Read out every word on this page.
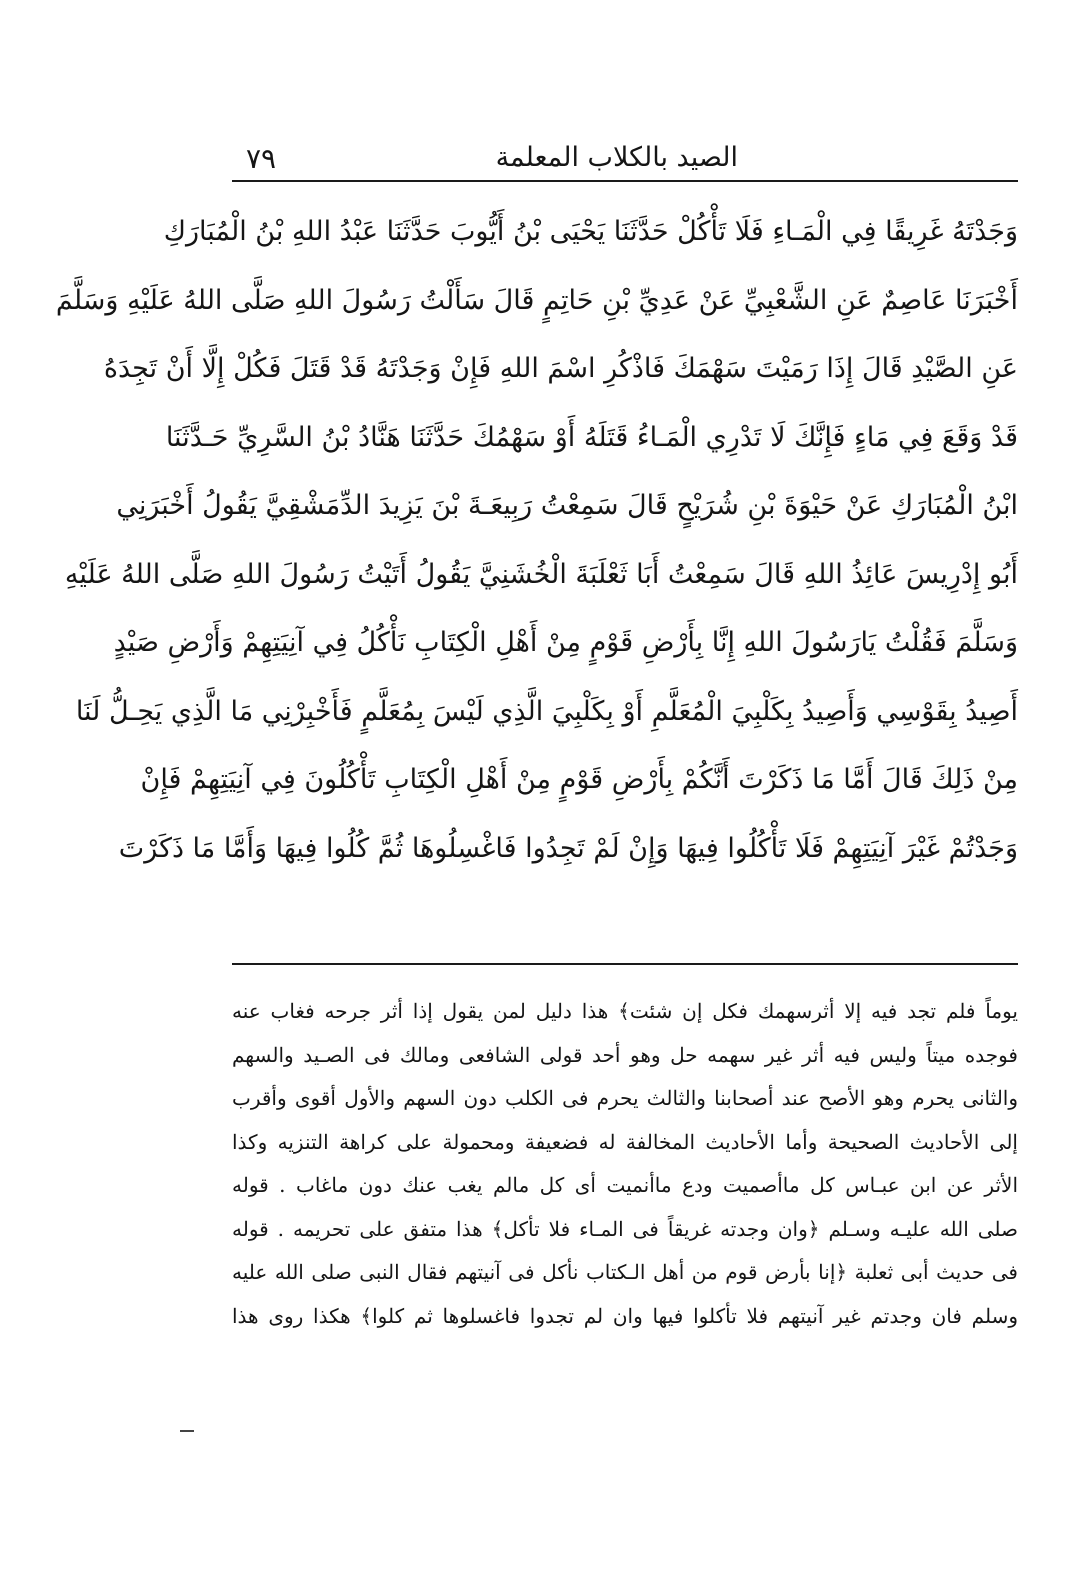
الصيد بالكلاب المعلمة
٧٩
وَجَدْتَهُ غَرِيقًا فِي الْمَـاءِ فَلَا تَأْكُلْ حَدَّثَنَا يَحْيَى بْنُ أَيُّوبَ حَدَّثَنَا عَبْدُ اللهِ بْنُ الْمُبَارَكِ
أَخْبَرَنَا عَاصِمٌ عَنِ الشَّعْبِيِّ عَنْ عَدِيِّ بْنِ حَاتِمٍ قَالَ سَأَلْتُ رَسُولَ اللهِ صَلَّى اللهُ عَلَيْهِ وَسَلَّمَ
عَنِ الصَّيْدِ قَالَ إِذَا رَمَيْتَ سَهْمَكَ فَاذْكُرِ اسْمَ اللهِ فَإِنْ وَجَدْتَهُ قَدْ قَتَلَ فَكُلْ إِلَّا أَنْ تَجِدَهُ
قَدْ وَقَعَ فِي مَاءٍ فَإِنَّكَ لَا تَدْرِي الْمَـاءُ قَتَلَهُ أَوْ سَهْمُكَ حَدَّثَنَا هَنَّادُ بْنُ السَّرِيِّ حَـدَّثَنَا
ابْنُ الْمُبَارَكِ عَنْ حَيْوَةَ بْنِ شُرَيْحٍ قَالَ سَمِعْتُ رَبِيعَـةَ بْنَ يَزِيدَ الدِّمَشْقِيَّ يَقُولُ أَخْبَرَنِي
أَبُو إِدْرِيسَ عَائِذُ اللهِ قَالَ سَمِعْتُ أَبَا ثَعْلَبَةَ الْخُشَنِيَّ يَقُولُ أَتَيْتُ رَسُولَ اللهِ صَلَّى اللهُ عَلَيْهِ
وَسَلَّمَ فَقُلْتُ يَارَسُولَ اللهِ إِنَّا بِأَرْضِ قَوْمٍ مِنْ أَهْلِ الْكِتَابِ نَأْكُلُ فِي آنِيَتِهِمْ وَأَرْضِ صَيْدٍ
أَصِيدُ بِقَوْسِي وَأَصِيدُ بِكَلْبِيَ الْمُعَلَّمِ أَوْ بِكَلْبِيَ الَّذِي لَيْسَ بِمُعَلَّمٍ فَأَخْبِرْنِي مَا الَّذِي يَحِـلُّ لَنَا
مِنْ ذَلِكَ قَالَ أَمَّا مَا ذَكَرْتَ أَنَّكُمْ بِأَرْضِ قَوْمٍ مِنْ أَهْلِ الْكِتَابِ تَأْكُلُونَ فِي آنِيَتِهِمْ فَإِنْ
وَجَدْتُمْ غَيْرَ آنِيَتِهِمْ فَلَا تَأْكُلُوا فِيهَا وَإِنْ لَمْ تَجِدُوا فَاغْسِلُوهَا ثُمَّ كُلُوا فِيهَا وَأَمَّا مَا ذَكَرْتَ
يوماً فلم تجد فيه إلا أثرسهمك فكل إن شئت﴾ هذا دليل لمن يقول إذا أثر جرحه فغاب عنه
فوجده ميتاً وليس فيه أثر غير سهمه حل وهو أحد قولى الشافعى ومالك فى الصـيد والسهم
والثانى يحرم وهو الأصح عند أصحابنا والثالث يحرم فى الكلب دون السهم والأول أقوى وأقرب
إلى الأحاديث الصحيحة وأما الأحاديث المخالفة له فضعيفة ومحمولة على كراهة التنزيه وكذا
الأثر عن ابن عبـاس كل ماأصميت ودع ماأنميت أى كل مالم يغب عنك دون ماغاب . قوله
صلى الله عليـه وسـلم ﴿وان وجدته غريقاً فى المـاء فلا تأكل﴾ هذا متفق على تحريمه . قوله
فى حديث أبى ثعلبة ﴿إنا بأرض قوم من أهل الـكتاب نأكل فى آنيتهم فقال النبى صلى الله عليه
وسلم فان وجدتم غير آنيتهم فلا تأكلوا فيها وان لم تجدوا فاغسلوها ثم كلوا﴾ هكذا روى هذا
